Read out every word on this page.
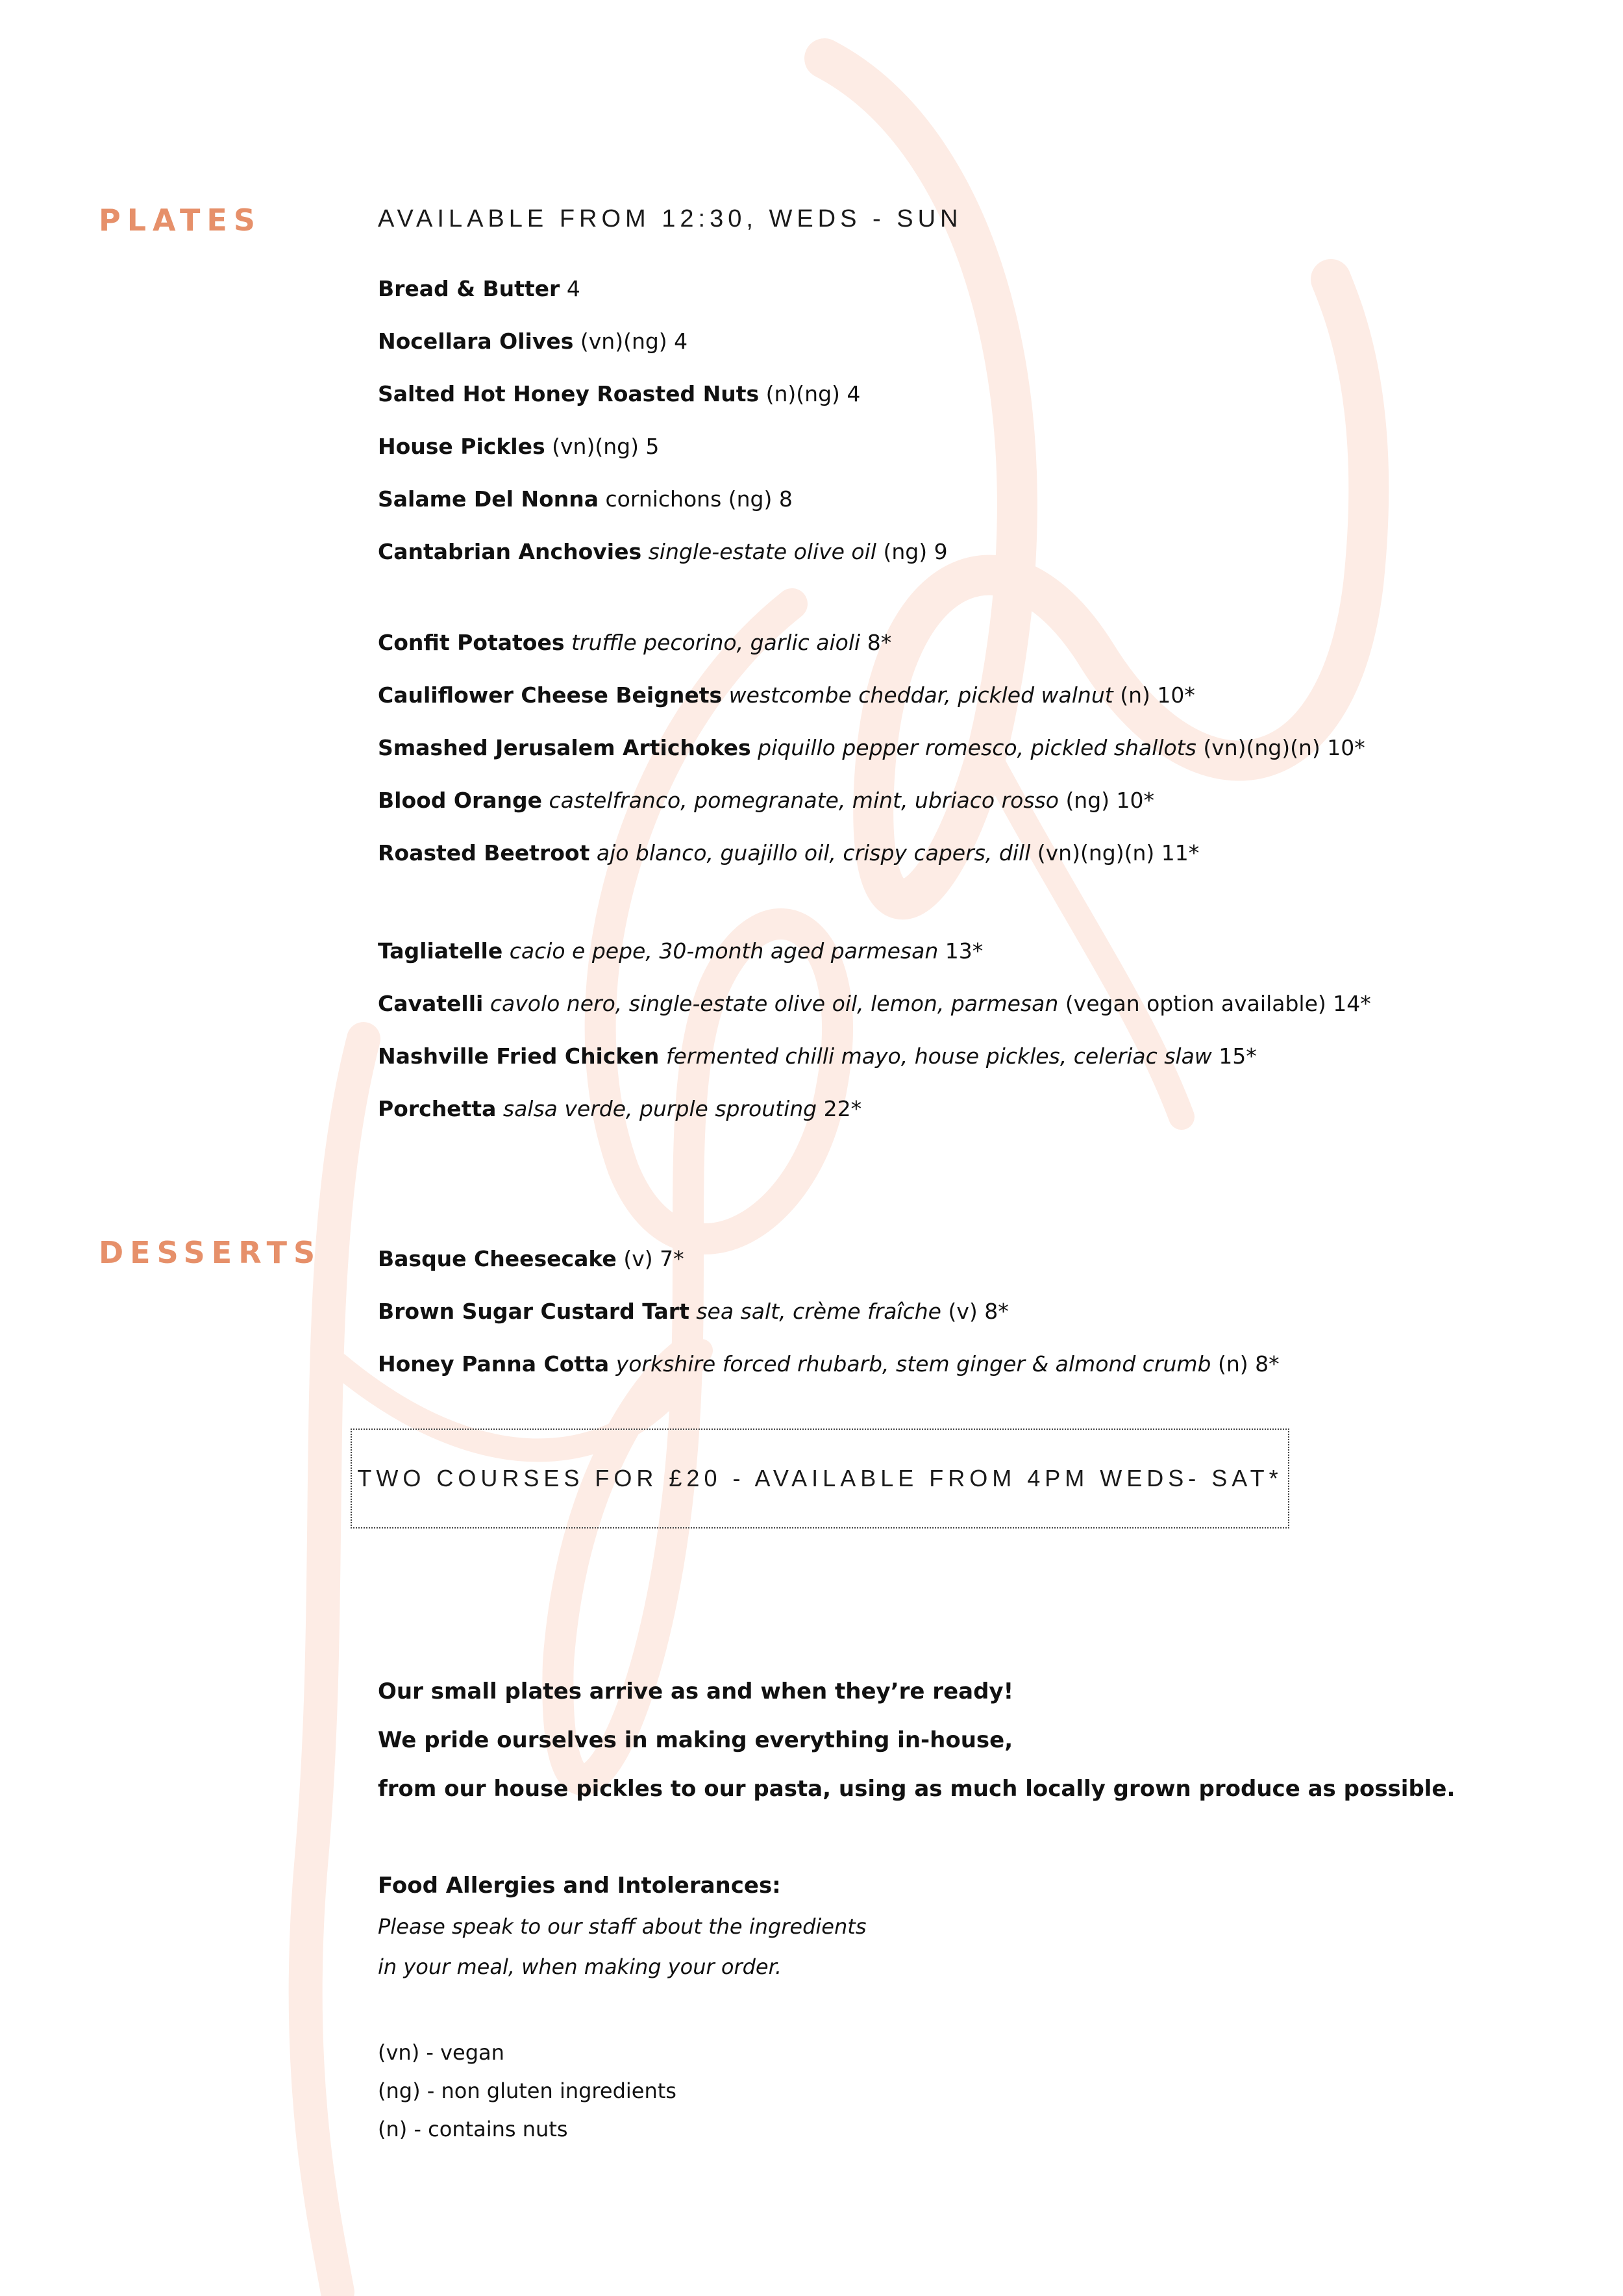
PLATES	AVAILABLE FROM 12:30, WEDS - SUN

Bread & Butter 4
Nocellara Olives (vn)(ng) 4
Salted Hot Honey Roasted Nuts (n)(ng) 4
House Pickles (vn)(ng) 5
Salame Del Nonna cornichons (ng) 8
Cantabrian Anchovies single-estate olive oil (ng) 9
Confit Potatoes truffle pecorino, garlic aioli 8*
Cauliflower Cheese Beignets westcombe cheddar, pickled walnut (n) 10*
Smashed Jerusalem Artichokes piquillo pepper romesco, pickled shallots (vn)(ng)(n) 10*
Blood Orange castelfranco, pomegranate, mint, ubriaco rosso (ng) 10*
Roasted Beetroot ajo blanco, guajillo oil, crispy capers, dill (vn)(ng)(n) 11*
Tagliatelle cacio e pepe, 30-month aged parmesan 13*
Cavatelli cavolo nero, single-estate olive oil, lemon, parmesan (vegan option available) 14*
Nashville Fried Chicken fermented chilli mayo, house pickles, celeriac slaw 15*
Porchetta salsa verde, purple sprouting 22*
DESSERTS	Basque Cheesecake (v) 7*
Brown Sugar Custard Tart sea salt, crème fraîche (v) 8*
Honey Panna Cotta yorkshire forced rhubarb, stem ginger & almond crumb (n) 8*
TWO COURSES FOR £20 - AVAILABLE FROM 4PM WEDS- SAT*
Our small plates arrive as and when they’re ready!
We pride ourselves in making everything in-house,
from our house pickles to our pasta, using as much locally grown produce as possible.
Food Allergies and Intolerances:
Please speak to our staff about the ingredients
in your meal, when making your order.
(vn) - vegan
(ng) - non gluten ingredients
(n) - contains nuts
